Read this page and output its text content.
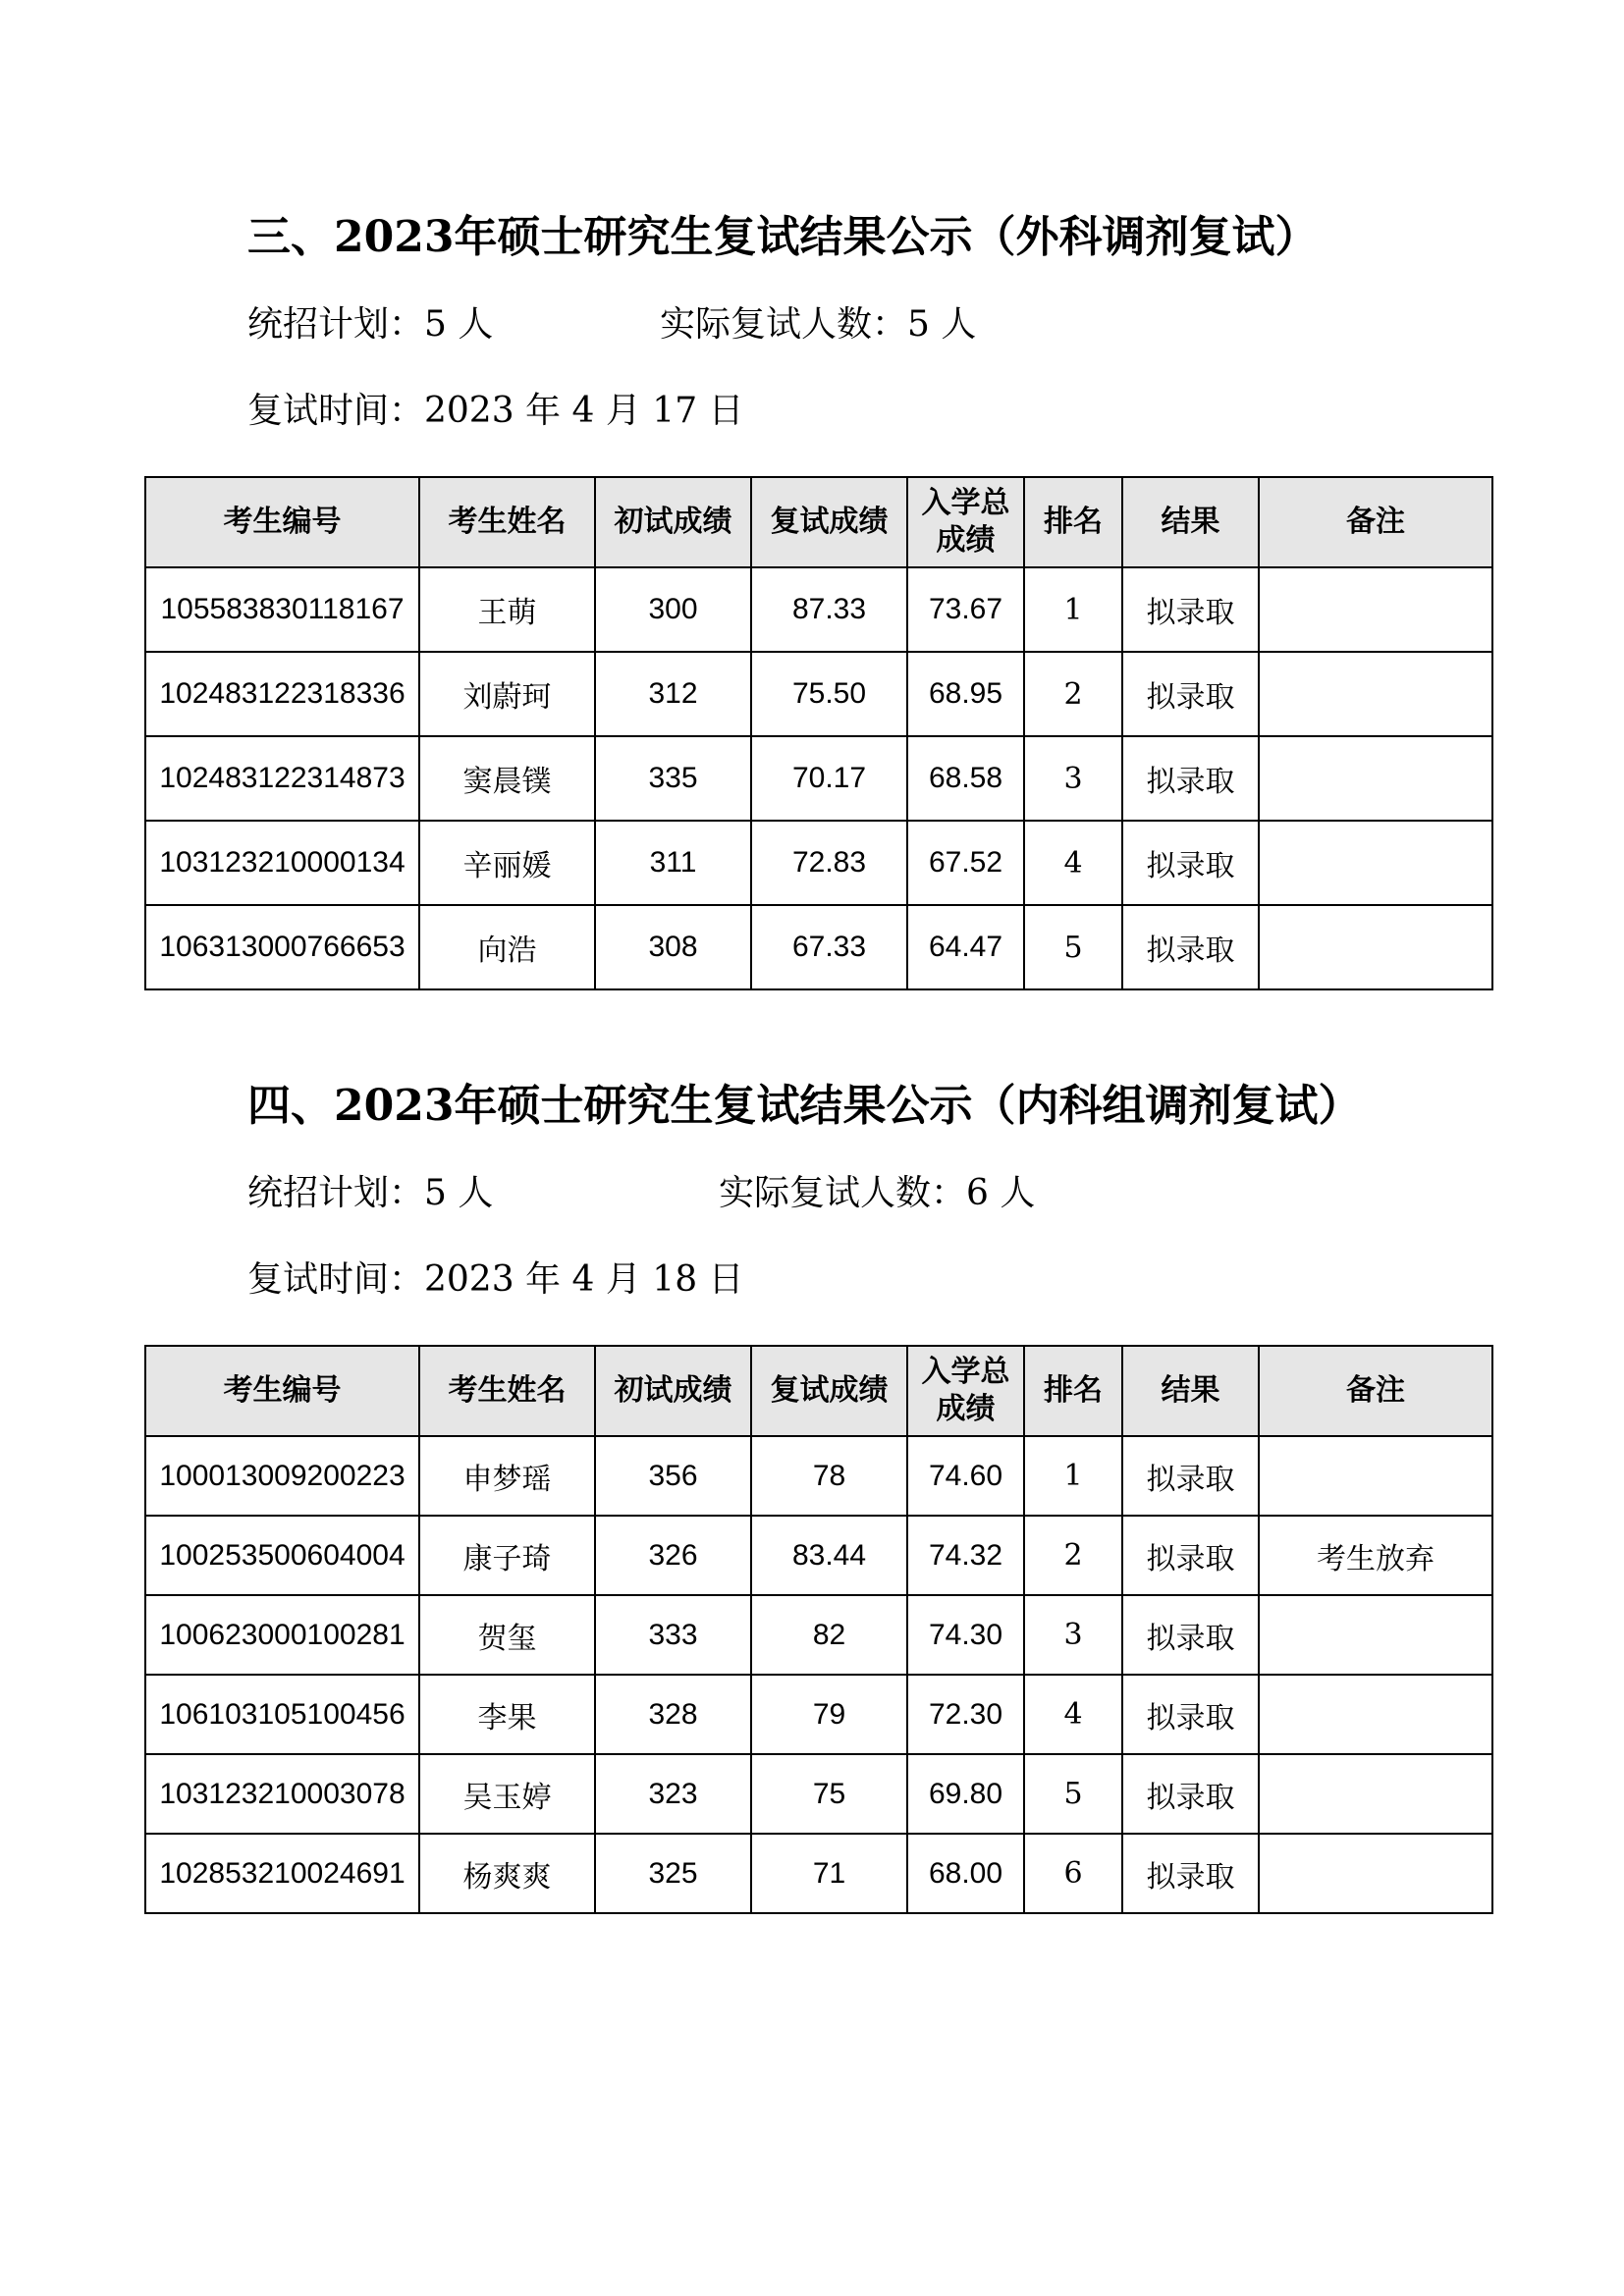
三、2023年硕士研究生复试结果公示（外科调剂复试）
统招计划：5 人	实际复试人数：5 人
复试时间：2023 年 4 月 17 日
考生编号	考生姓名	初试成绩	复试成绩	入学总成绩	排名	结果	备注
105583830118167	王萌	300	87.33	73.67	1	拟录取	
102483122318336	刘蔚珂	312	75.50	68.95	2	拟录取	
102483122314873	窦晨镤	335	70.17	68.58	3	拟录取	
103123210000134	辛丽媛	311	72.83	67.52	4	拟录取	
106313000766653	向浩	308	67.33	64.47	5	拟录取	
四、2023年硕士研究生复试结果公示（内科组调剂复试）
统招计划：5 人	实际复试人数：6 人
复试时间：2023 年 4 月 18 日
考生编号	考生姓名	初试成绩	复试成绩	入学总成绩	排名	结果	备注
100013009200223	申梦瑶	356	78	74.60	1	拟录取	
100253500604004	康子琦	326	83.44	74.32	2	拟录取	考生放弃
100623000100281	贺玺	333	82	74.30	3	拟录取	
106103105100456	李果	328	79	72.30	4	拟录取	
103123210003078	吴玉婷	323	75	69.80	5	拟录取	
102853210024691	杨爽爽	325	71	68.00	6	拟录取	
